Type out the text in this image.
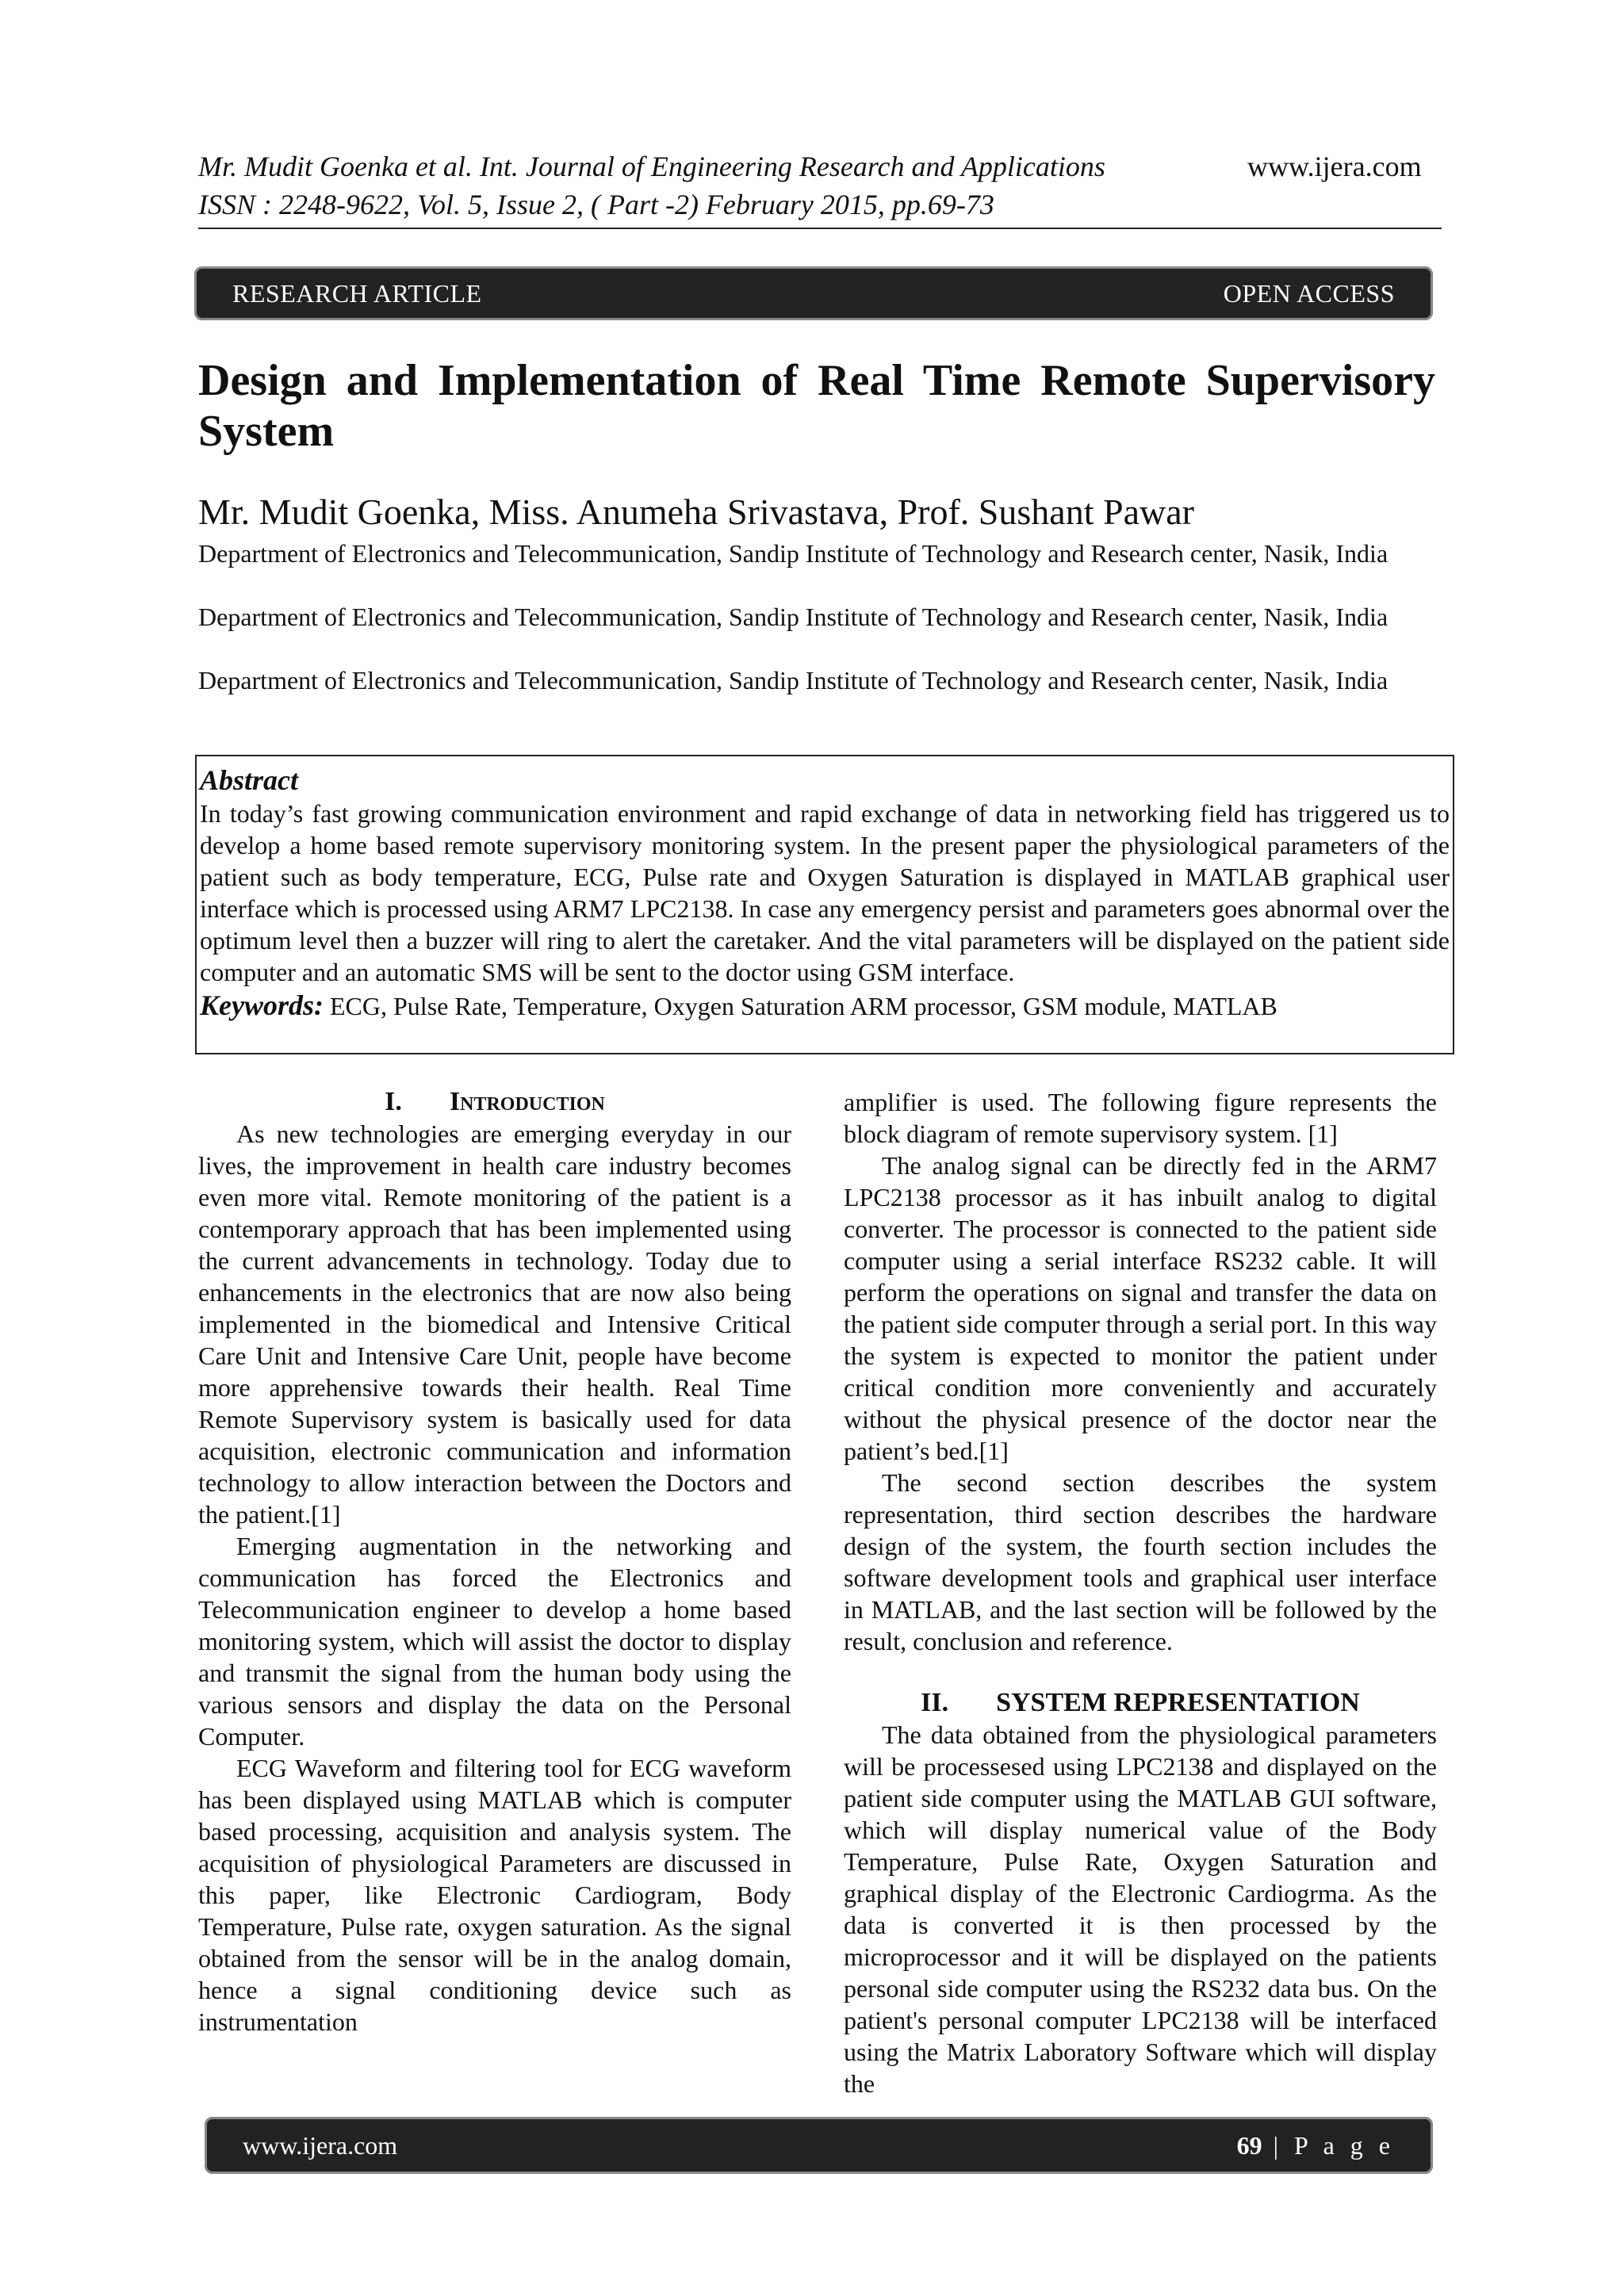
Mr. Mudit Goenka et al. Int. Journal of Engineering Research and Applications
ISSN : 2248-9622, Vol. 5, Issue 2, ( Part -2) February 2015, pp.69-73
www.ijera.com
RESEARCH ARTICLE	OPEN ACCESS
Design and Implementation of Real Time Remote Supervisory System
Mr. Mudit Goenka, Miss. Anumeha Srivastava, Prof. Sushant Pawar

Department of Electronics and Telecommunication, Sandip Institute of Technology and Research center, Nasik, India

Department of Electronics and Telecommunication, Sandip Institute of Technology and Research center, Nasik, India

Department of Electronics and Telecommunication, Sandip Institute of Technology and Research center, Nasik, India

Abstract

In today’s fast growing communication environment and rapid exchange of data in networking field has triggered us to develop a home based remote supervisory monitoring system. In the present paper the physiological parameters of the patient such as body temperature, ECG, Pulse rate and Oxygen Saturation is displayed in MATLAB graphical user interface which is processed using ARM7 LPC2138. In case any emergency persist and parameters goes abnormal over the optimum level then a buzzer will ring to alert the caretaker. And the vital parameters will be displayed on the patient side computer and an automatic SMS will be sent to the doctor using GSM interface.

Keywords: ECG, Pulse Rate, Temperature, Oxygen Saturation ARM processor, GSM module, MATLAB
I. Introduction

As new technologies are emerging everyday in our lives, the improvement in health care industry becomes even more vital. Remote monitoring of the patient is a contemporary approach that has been implemented using the current advancements in technology. Today due to enhancements in the electronics that are now also being implemented in the biomedical and Intensive Critical Care Unit and Intensive Care Unit, people have become more apprehensive towards their health. Real Time Remote Supervisory system is basically used for data acquisition, electronic communication and information technology to allow interaction between the Doctors and the patient.[1]

Emerging augmentation in the networking and communication has forced the Electronics and Telecommunication engineer to develop a home based monitoring system, which will assist the doctor to display and transmit the signal from the human body using the various sensors and display the data on the Personal Computer.

ECG Waveform and filtering tool for ECG waveform has been displayed using MATLAB which is computer based processing, acquisition and analysis system. The acquisition of physiological Parameters are discussed in this paper, like Electronic Cardiogram, Body Temperature, Pulse rate, oxygen saturation. As the signal obtained from the sensor will be in the analog domain, hence a signal conditioning device such as instrumentation

amplifier is used. The following figure represents the block diagram of remote supervisory system. [1]

The analog signal can be directly fed in the ARM7 LPC2138 processor as it has inbuilt analog to digital converter. The processor is connected to the patient side computer using a serial interface RS232 cable. It will perform the operations on signal and transfer the data on the patient side computer through a serial port. In this way the system is expected to monitor the patient under critical condition more conveniently and accurately without the physical presence of the doctor near the patient’s bed.[1]

The second section describes the system representation, third section describes the hardware design of the system, the fourth section includes the software development tools and graphical user interface in MATLAB, and the last section will be followed by the result, conclusion and reference.

II. SYSTEM REPRESENTATION

The data obtained from the physiological parameters will be processesed using LPC2138 and displayed on the patient side computer using the MATLAB GUI software, which will display numerical value of the Body Temperature, Pulse Rate, Oxygen Saturation and graphical display of the Electronic Cardiogrma. As the data is converted it is then processed by the microprocessor and it will be displayed on the patients personal side computer using the RS232 data bus. On the patient's personal computer LPC2138 will be interfaced using the Matrix Laboratory Software which will display the

www.ijera.com	69 | P a g e
